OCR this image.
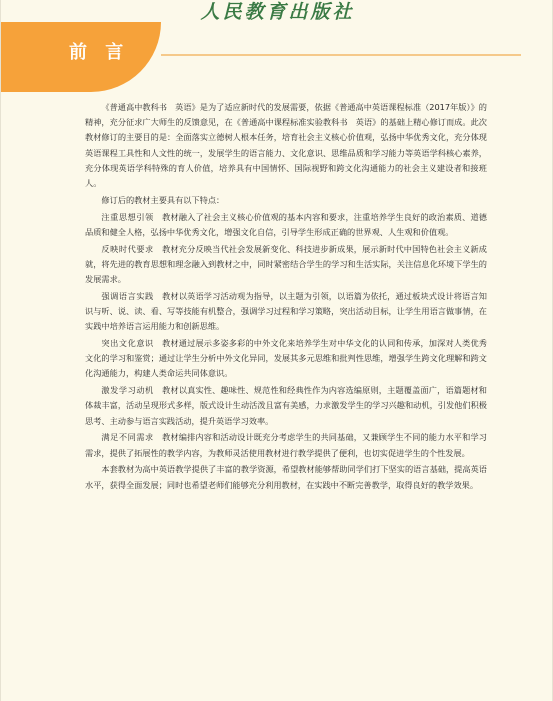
人民教育出版社
前 言

《普通高中教科书　英语》是为了适应新时代的发展需要，依据《普通高中英语课程标准（2017年版）》的精神，充分征求广大师生的反馈意见，在《普通高中课程标准实验教科书　英语》的基础上精心修订而成。此次教材修订的主要目的是：全面落实立德树人根本任务，培育社会主义核心价值观，弘扬中华优秀文化，充分体现英语课程工具性和人文性的统一，发展学生的语言能力、文化意识、思维品质和学习能力等英语学科核心素养，充分体现英语学科特殊的育人价值，培养具有中国情怀、国际视野和跨文化沟通能力的社会主义建设者和接班人。

修订后的教材主要具有以下特点：

注重思想引领　 教材融入了社会主义核心价值观的基本内容和要求，注重培养学生良好的政治素质、道德品质和健全人格，弘扬中华优秀文化，增强文化自信，引导学生形成正确的世界观、人生观和价值观。

反映时代要求　 教材充分反映当代社会发展新变化、科技进步新成果，展示新时代中国特色社会主义新成就，将先进的教育思想和理念融入到教材之中，同时紧密结合学生的学习和生活实际，关注信息化环境下学生的发展需求。

强调语言实践　 教材以英语学习活动观为指导，以主题为引领，以语篇为依托，通过板块式设计将语言知识与听、说、读、看、写等技能有机整合，强调学习过程和学习策略，突出活动目标，让学生用语言做事情，在实践中培养语言运用能力和创新思维。

突出文化意识　 教材通过展示多姿多彩的中外文化来培养学生对中华文化的认同和传承，加深对人类优秀文化的学习和鉴赏；通过让学生分析中外文化异同，发展其多元思维和批判性思维，增强学生跨文化理解和跨文化沟通能力，构建人类命运共同体意识。

激发学习动机　 教材以真实性、趣味性、规范性和经典性作为内容选编原则，主题覆盖面广，语篇题材和体裁丰富，活动呈现形式多样，版式设计生动活泼且富有美感，力求激发学生的学习兴趣和动机，引发他们积极思考、主动参与语言实践活动，提升英语学习效率。

满足不同需求　 教材编排内容和活动设计既充分考虑学生的共同基础，又兼顾学生不同的能力水平和学习需求，提供了拓展性的教学内容，为教师灵活使用教材进行教学提供了便利，也切实促进学生的个性发展。

本套教材为高中英语教学提供了丰富的教学资源，希望教材能够帮助同学们打下坚实的语言基础，提高英语水平，获得全面发展；同时也希望老师们能够充分利用教材，在实践中不断完善教学，取得良好的教学效果。
